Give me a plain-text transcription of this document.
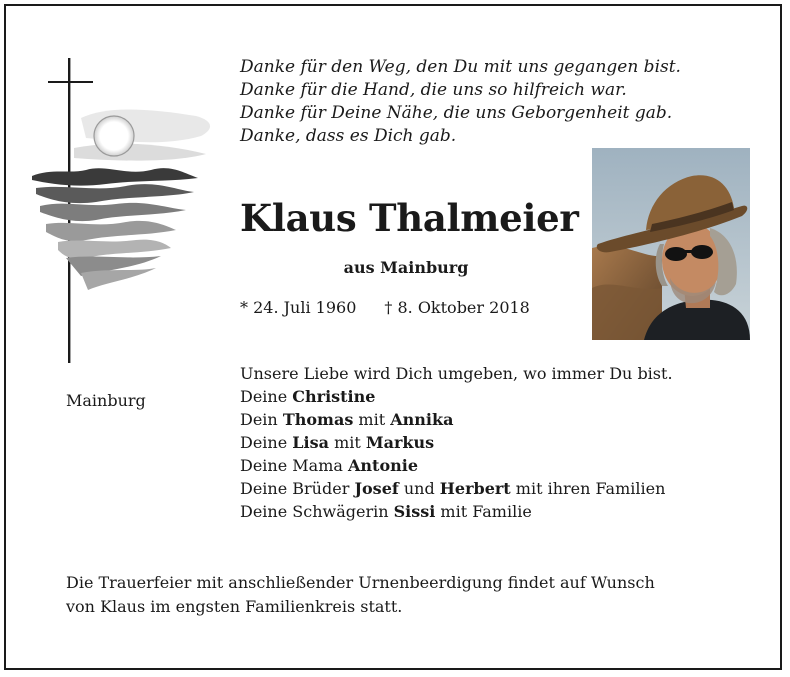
Danke für den Weg, den Du mit uns gegangen bist.
Danke für die Hand, die uns so hilfreich war.
Danke für Deine Nähe, die uns Geborgenheit gab.
Danke, dass es Dich gab.
Klaus Thalmeier
aus Mainburg
* 24. Juli 1960 † 8. Oktober 2018
Mainburg
Unsere Liebe wird Dich umgeben, wo immer Du bist.
Deine Christine
Dein Thomas mit Annika
Deine Lisa mit Markus
Deine Mama Antonie
Deine Brüder Josef und Herbert mit ihren Familien
Deine Schwägerin Sissi mit Familie
Die Trauerfeier mit anschließender Urnenbeerdigung findet auf Wunsch
von Klaus im engsten Familienkreis statt.
